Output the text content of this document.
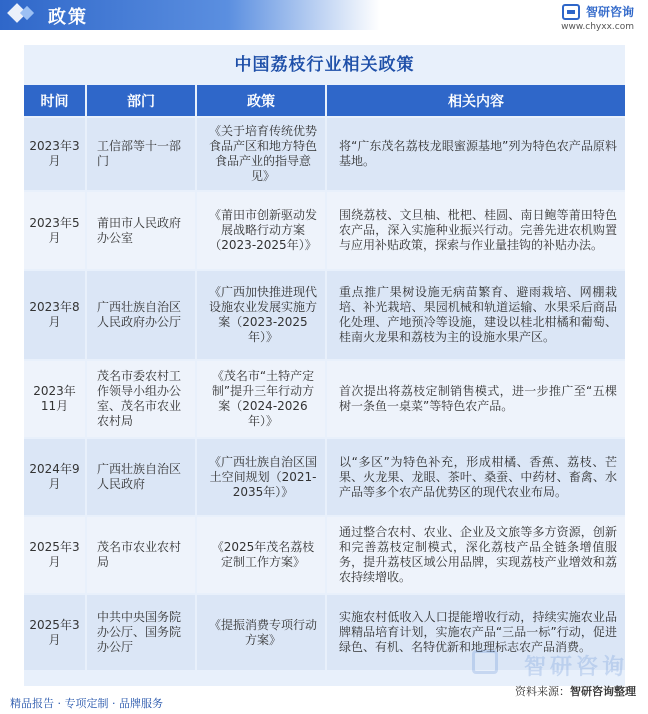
政策	智研咨询
www.chyxx.com
中国荔枝行业相关政策
时间	部门	政策	相关内容
2023年3月	工信部等十一部门	《关于培育传统优势食品产区和地方特色食品产业的指导意见》	将“广东茂名荔枝龙眼蜜源基地”列为特色农产品原料基地。
2023年5月	莆田市人民政府办公室	《莆田市创新驱动发展战略行动方案（2023-2025年）》	围绕荔枝、文旦柚、枇杷、桂圆、南日鲍等莆田特色农产品，深入实施种业振兴行动。完善先进农机购置与应用补贴政策，探索与作业量挂钩的补贴办法。
2023年8月	广西壮族自治区人民政府办公厅	《广西加快推进现代设施农业发展实施方案（2023-2025年）》	重点推广果树设施无病苗繁育、避雨栽培、网棚栽培、补光栽培、果园机械和轨道运输、水果采后商品化处理、产地预冷等设施，建设以桂北柑橘和葡萄、桂南火龙果和荔枝为主的设施水果产区。
2023年11月	茂名市委农村工作领导小组办公室、茂名市农业农村局	《茂名市“土特产定制”提升三年行动方案（2024-2026年）》	首次提出将荔枝定制销售模式，进一步推广至“五棵树一条鱼一桌菜”等特色农产品。
2024年9月	广西壮族自治区人民政府	《广西壮族自治区国土空间规划（2021-2035年）》	以“多区”为特色补充，形成柑橘、香蕉、荔枝、芒果、火龙果、龙眼、茶叶、桑蚕、中药材、畜禽、水产品等多个农产品优势区的现代农业布局。
2025年3月	茂名市农业农村局	《2025年茂名荔枝定制工作方案》	通过整合农村、农业、企业及文旅等多方资源，创新和完善荔枝定制模式，深化荔枝产品全链条增值服务，提升荔枝区域公用品牌，实现荔枝产业增效和荔农持续增收。
2025年3月	中共中央国务院办公厅、国务院办公厅	《提振消费专项行动方案》	实施农村低收入人口提能增收行动，持续实施农业品牌精品培育计划，实施农产品“三品一标”行动，促进绿色、有机、名特优新和地理标志农产品消费。
智研咨询
资料来源：智研咨询整理
精品报告 · 专项定制 · 品牌服务
